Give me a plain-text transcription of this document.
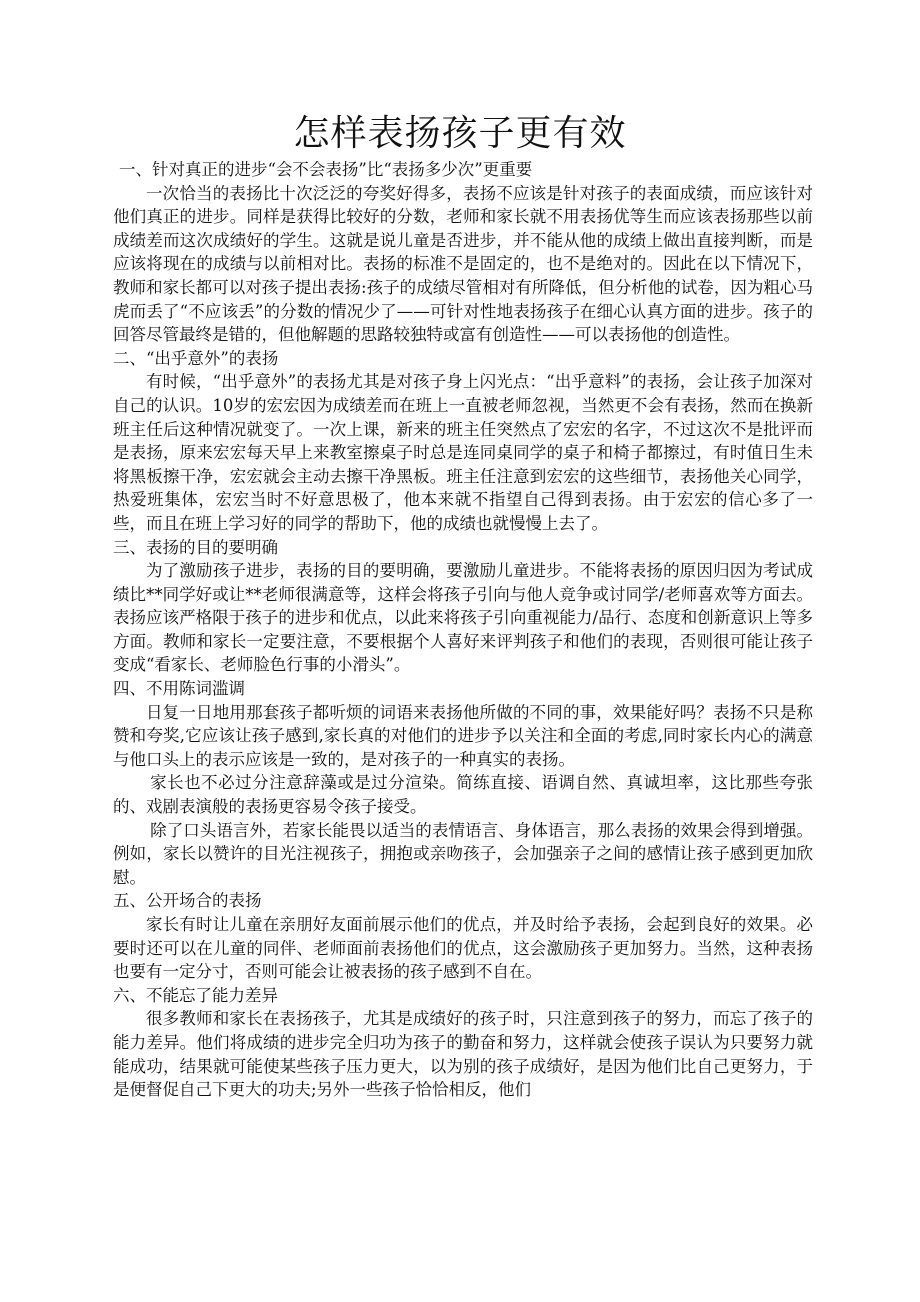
怎样表扬孩子更有效

一、针对真正的进步“会不会表扬”比“表扬多少次”更重要

一次恰当的表扬比十次泛泛的夸奖好得多，表扬不应该是针对孩子的表面成绩，而应该针对他们真正的进步。同样是获得比较好的分数，老师和家长就不用表扬优等生而应该表扬那些以前成绩差而这次成绩好的学生。这就是说儿童是否进步，并不能从他的成绩上做出直接判断，而是应该将现在的成绩与以前相对比。表扬的标准不是固定的，也不是绝对的。因此在以下情况下，教师和家长都可以对孩子提出表扬:孩子的成绩尽管相对有所降低，但分析他的试卷，因为粗心马虎而丢了“不应该丢”的分数的情况少了——可针对性地表扬孩子在细心认真方面的进步。孩子的回答尽管最终是错的，但他解题的思路较独特或富有创造性——可以表扬他的创造性。

二、“出乎意外”的表扬

有时候，“出乎意外”的表扬尤其是对孩子身上闪光点：“出乎意料”的表扬，会让孩子加深对自己的认识。10岁的宏宏因为成绩差而在班上一直被老师忽视，当然更不会有表扬，然而在换新班主任后这种情况就变了。一次上课，新来的班主任突然点了宏宏的名字，不过这次不是批评而是表扬，原来宏宏每天早上来教室擦桌子时总是连同桌同学的桌子和椅子都擦过，有时值日生未将黑板擦干净，宏宏就会主动去擦干净黑板。班主任注意到宏宏的这些细节，表扬他关心同学，热爱班集体，宏宏当时不好意思极了，他本来就不指望自己得到表扬。由于宏宏的信心多了一些，而且在班上学习好的同学的帮助下，他的成绩也就慢慢上去了。

三、表扬的目的要明确

为了激励孩子进步，表扬的目的要明确，要激励儿童进步。不能将表扬的原因归因为考试成绩比**同学好或让**老师很满意等，这样会将孩子引向与他人竞争或讨同学/老师喜欢等方面去。表扬应该严格限于孩子的进步和优点，以此来将孩子引向重视能力/品行、态度和创新意识上等多方面。教师和家长一定要注意，不要根据个人喜好来评判孩子和他们的表现，否则很可能让孩子变成“看家长、老师脸色行事的小滑头”。

四、不用陈词滥调

日复一日地用那套孩子都听烦的词语来表扬他所做的不同的事，效果能好吗？表扬不只是称赞和夸奖,它应该让孩子感到,家长真的对他们的进步予以关注和全面的考虑,同时家长内心的满意与他口头上的表示应该是一致的，是对孩子的一种真实的表扬。

家长也不必过分注意辞藻或是过分渲染。简练直接、语调自然、真诚坦率，这比那些夸张的、戏剧表演般的表扬更容易令孩子接受。

除了口头语言外，若家长能畏以适当的表情语言、身体语言，那么表扬的效果会得到增强。例如，家长以赞许的目光注视孩子，拥抱或亲吻孩子，会加强亲子之间的感情让孩子感到更加欣慰。

五、公开场合的表扬

家长有时让儿童在亲朋好友面前展示他们的优点，并及时给予表扬，会起到良好的效果。必要时还可以在儿童的同伴、老师面前表扬他们的优点，这会激励孩子更加努力。当然，这种表扬也要有一定分寸，否则可能会让被表扬的孩子感到不自在。

六、不能忘了能力差异

很多教师和家长在表扬孩子，尤其是成绩好的孩子时，只注意到孩子的努力，而忘了孩子的能力差异。他们将成绩的进步完全归功为孩子的勤奋和努力，这样就会使孩子误认为只要努力就能成功，结果就可能使某些孩子压力更大，以为别的孩子成绩好，是因为他们比自己更努力，于是便督促自己下更大的功夫;另外一些孩子恰恰相反，他们
